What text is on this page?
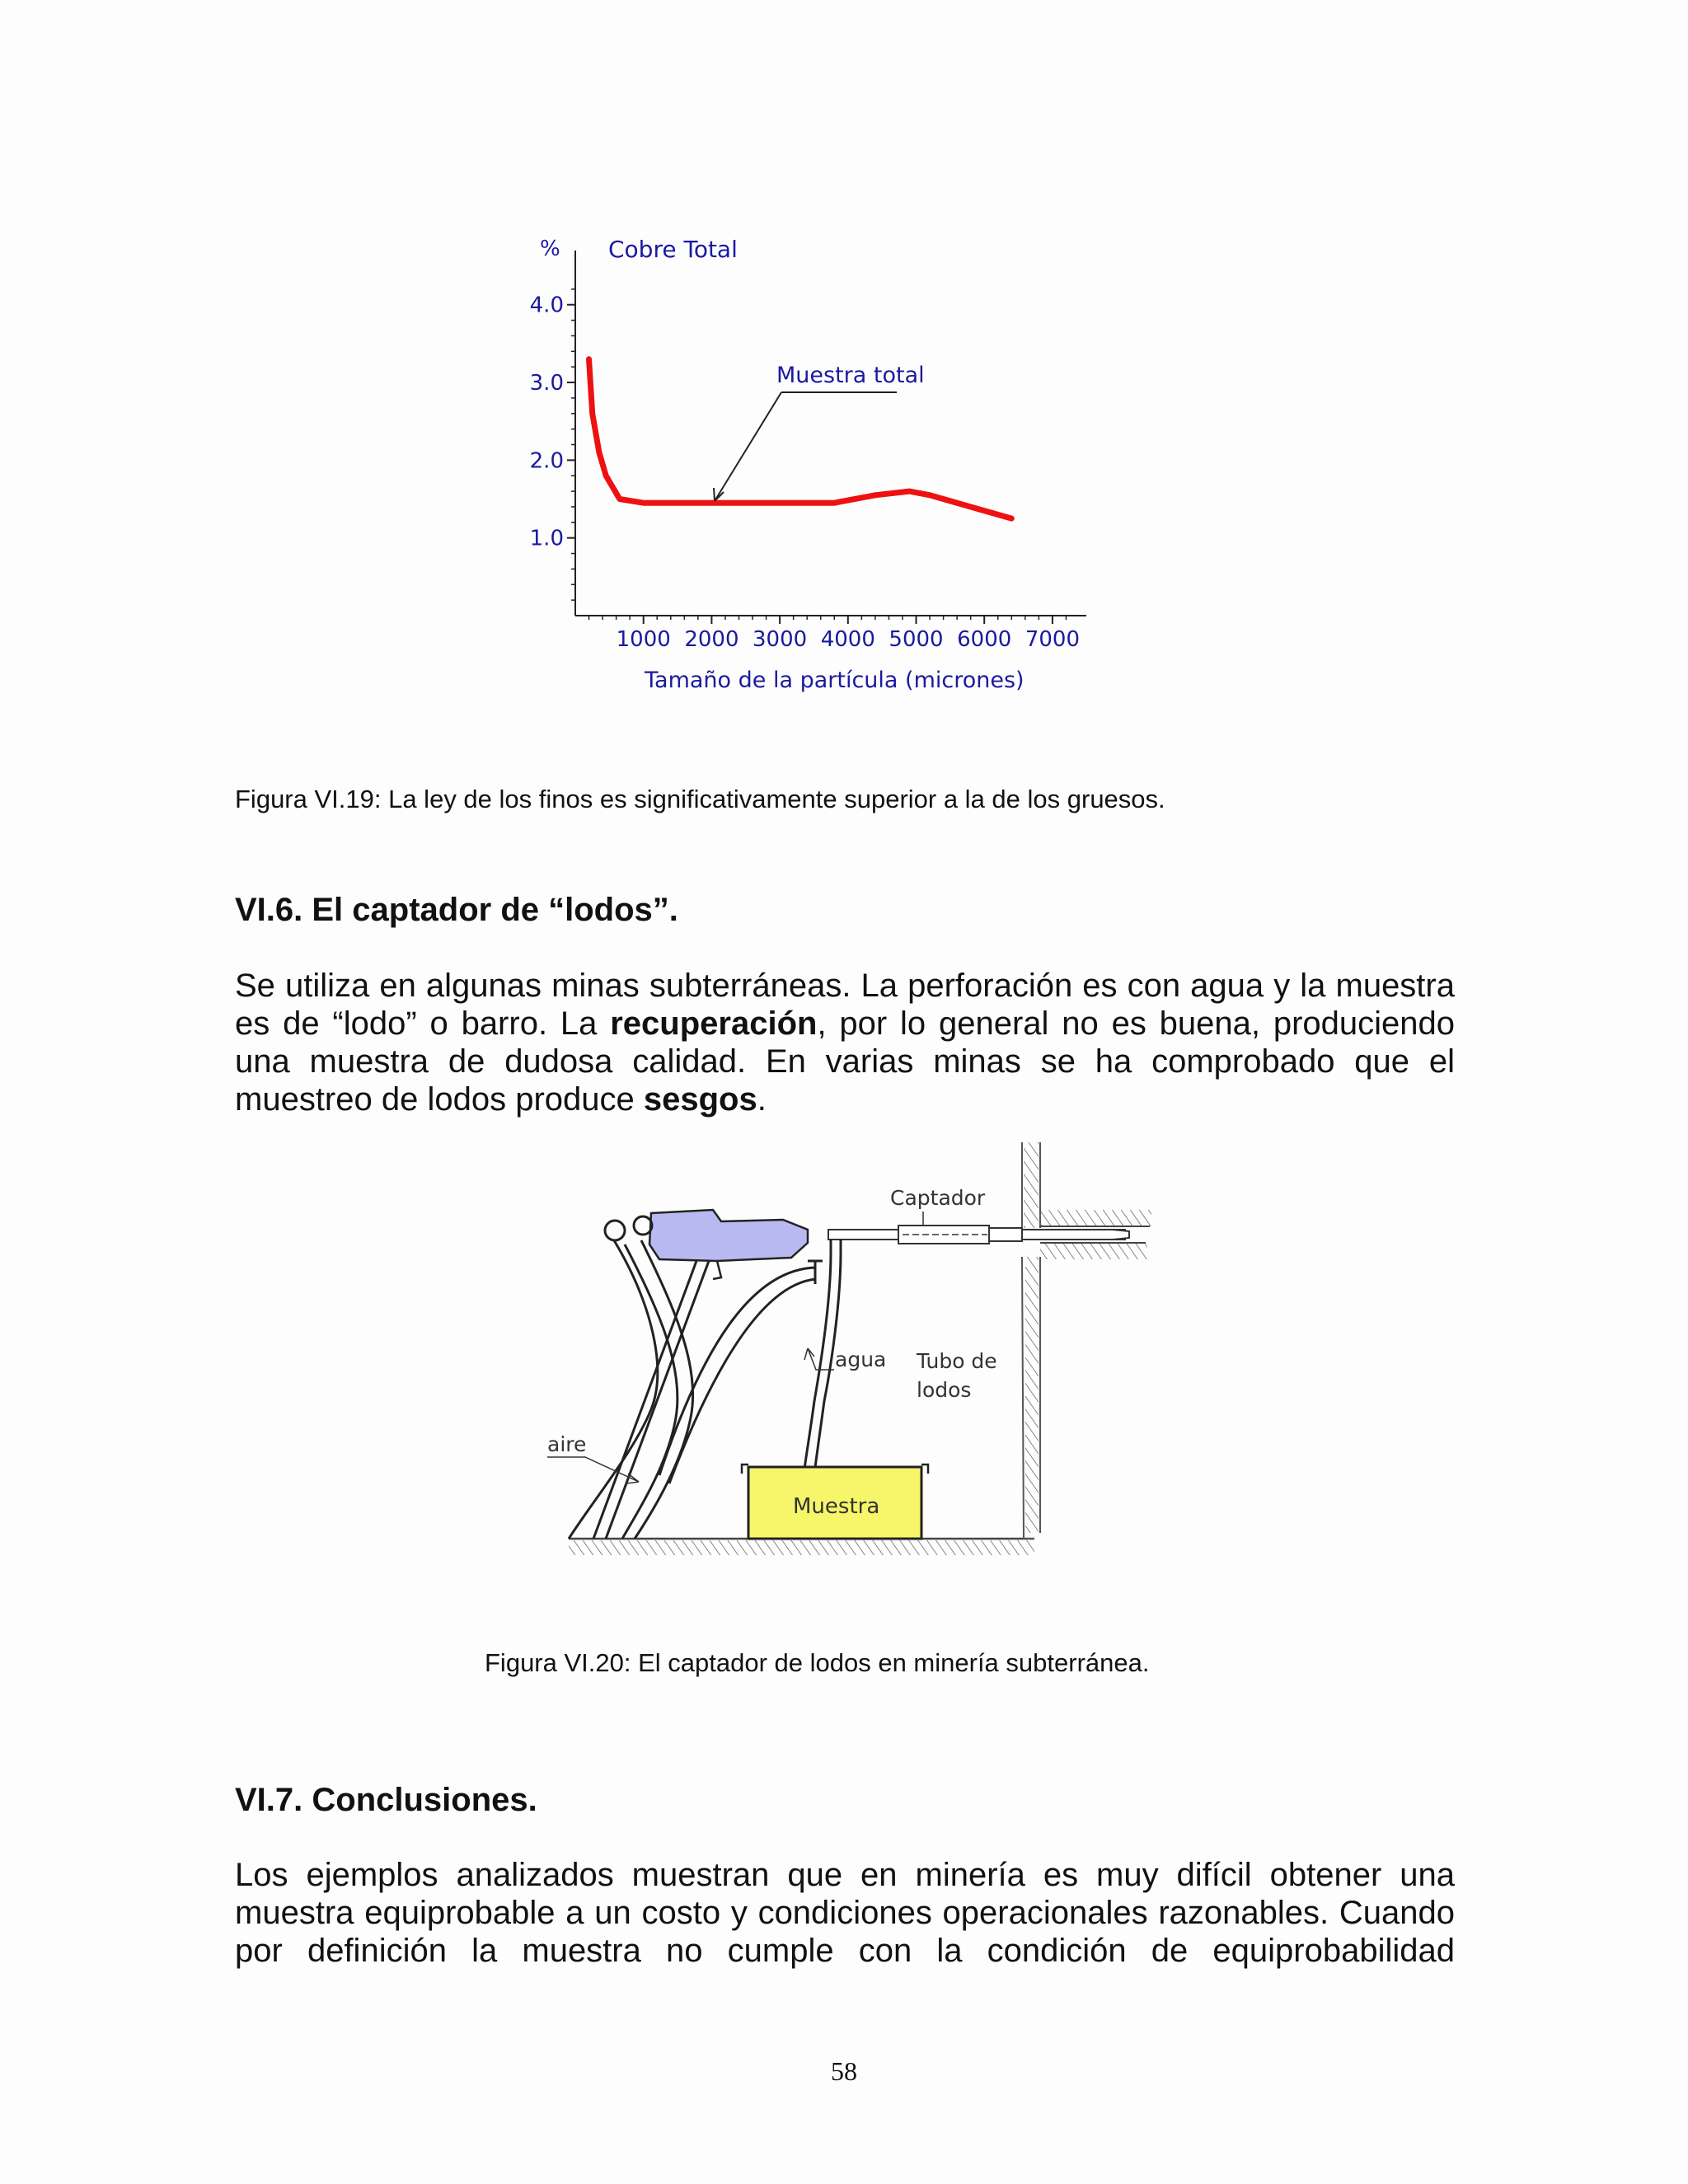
% Cobre Total
1.0
2.0
3.0
4.0
1000 2000 3000 4000 5000 6000 7000
Muestra total
Tamaño de la partícula (micrones)
Figura VI.19: La ley de los finos es significativamente superior a la de los gruesos.
VI.6. El captador de “lodos”.
Se utiliza en algunas minas subterráneas. La perforación es con agua y la muestra
es de “lodo” o barro. La recuperación, por lo general no es buena, produciendo
una muestra de dudosa calidad. En varias minas se ha comprobado que el
muestreo de lodos produce sesgos.
Captador
agua Tubo de
lodos
aire
Muestra
Figura VI.20: El captador de lodos en minería subterránea.
VI.7. Conclusiones.
Los ejemplos analizados muestran que en minería es muy difícil obtener una
muestra equiprobable a un costo y condiciones operacionales razonables. Cuando
por definición la muestra no cumple con la condición de equiprobabilidad
58
